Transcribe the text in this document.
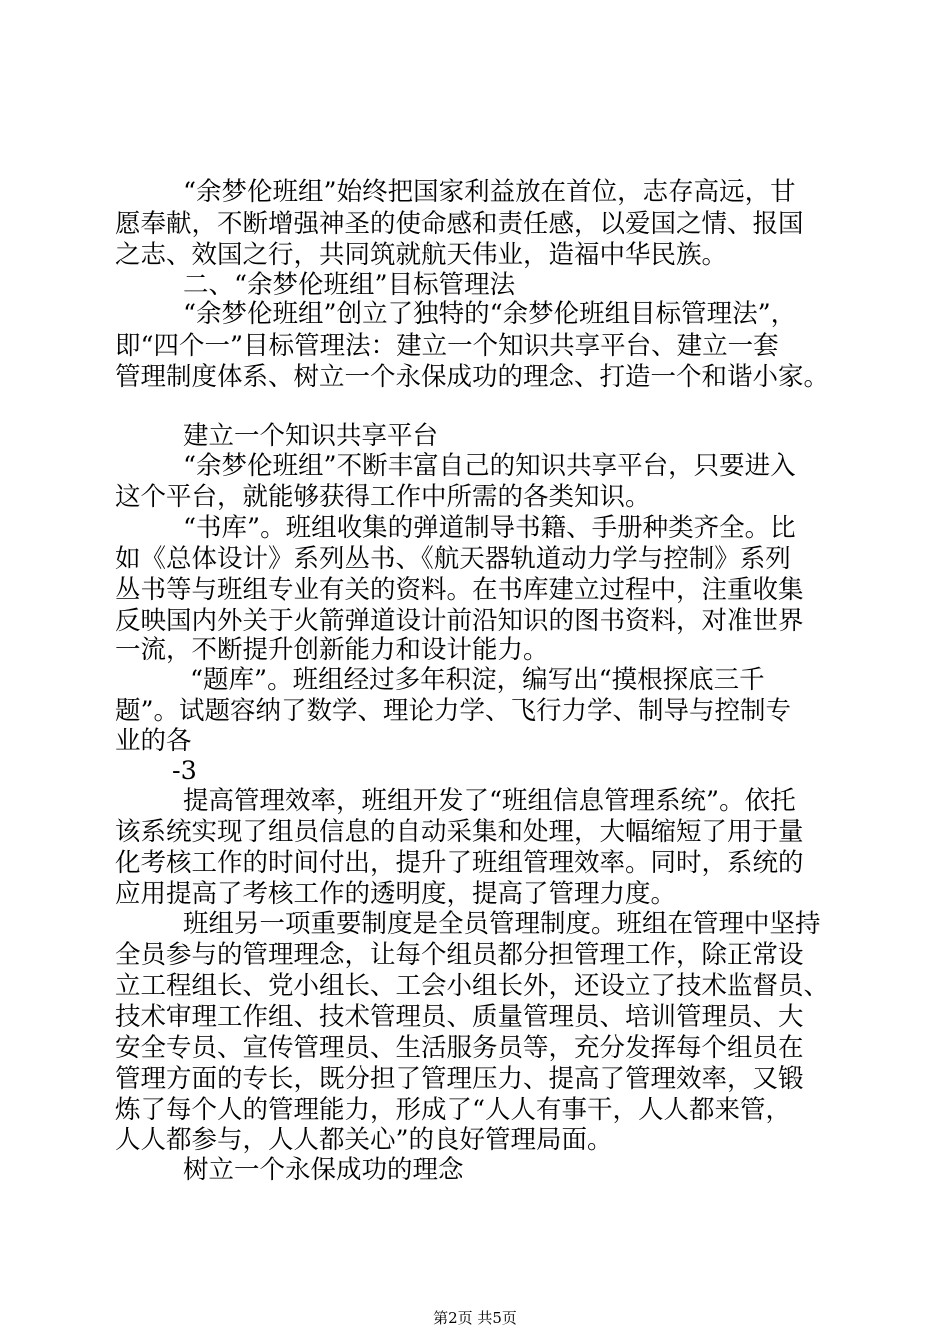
“余梦伦班组”始终把国家利益放在首位，志存高远，甘
愿奉献，不断增强神圣的使命感和责任感，以爱国之情、报国
之志、效国之行，共同筑就航天伟业，造福中华民族。
二、“余梦伦班组”目标管理法
“余梦伦班组”创立了独特的“余梦伦班组目标管理法”，
即“四个一”目标管理法：建立一个知识共享平台、建立一套
管理制度体系、树立一个永保成功的理念、打造一个和谐小家。
建立一个知识共享平台
“余梦伦班组”不断丰富自己的知识共享平台，只要进入
这个平台，就能够获得工作中所需的各类知识。
“书库”。班组收集的弹道制导书籍、手册种类齐全。比
如《总体设计》系列丛书、《航天器轨道动力学与控制》系列
丛书等与班组专业有关的资料。在书库建立过程中，注重收集
反映国内外关于火箭弹道设计前沿知识的图书资料，对准世界
一流，不断提升创新能力和设计能力。
“题库”。班组经过多年积淀，编写出“摸根探底三千
题”。试题容纳了数学、理论力学、飞行力学、制导与控制专
业的各
-3
提高管理效率，班组开发了“班组信息管理系统”。依托
该系统实现了组员信息的自动采集和处理，大幅缩短了用于量
化考核工作的时间付出，提升了班组管理效率。同时，系统的
应用提高了考核工作的透明度，提高了管理力度。
班组另一项重要制度是全员管理制度。班组在管理中坚持
全员参与的管理理念，让每个组员都分担管理工作，除正常设
立工程组长、党小组长、工会小组长外，还设立了技术监督员、
技术审理工作组、技术管理员、质量管理员、培训管理员、大
安全专员、宣传管理员、生活服务员等，充分发挥每个组员在
管理方面的专长，既分担了管理压力、提高了管理效率，又锻
炼了每个人的管理能力，形成了“人人有事干，人人都来管，
人人都参与，人人都关心”的良好管理局面。
树立一个永保成功的理念
第2页 共5页
